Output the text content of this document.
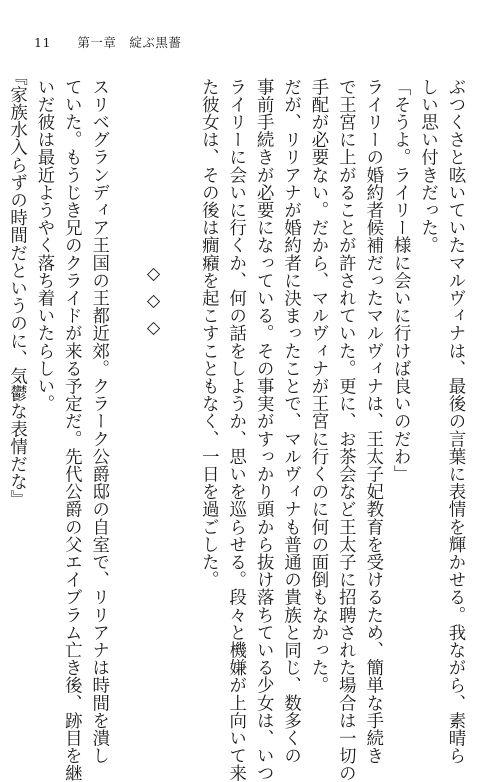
11 第一章　綻ぶ黒薔

ぶつくさと呟いていたマルヴィナは、最後の言葉に表情を輝かせる。我ながら、素晴ら

しい思い付きだった。

「そうよ。ライリー様に会いに行けば良いのだわ」

ライリーの婚約者候補だったマルヴィナは、王太子妃教育を受けるため、簡単な手続き

で王宮に上がることが許されていた。更に、お茶会など王太子に招聘された場合は一切の

手配が必要ない。だから、マルヴィナが王宮に行くのに何の面倒もなかった。

だが、リリアナが婚約者に決まったことで、マルヴィナも普通の貴族と同じ、数多くの

事前手続きが必要になっている。その事実がすっかり頭から抜け落ちている少女は、いつ

ライリーに会いに行くか、何の話をしようか、思いを巡らせる。段々と機嫌が上向いて来

た彼女は、その後は癇癪を起こすこともなく、一日を過ごした。

◇◇◇

スリベグランディア王国の王都近郊。クラーク公爵邸の自室で、リリアナは時間を潰し

ていた。もうじき兄のクライドが来る予定だ。先代公爵の父エイブラム亡き後、跡目を継

いだ彼は最近ようやく落ち着いたらしい。

『家族水入らずの時間だというのに、気鬱な表情だな』
